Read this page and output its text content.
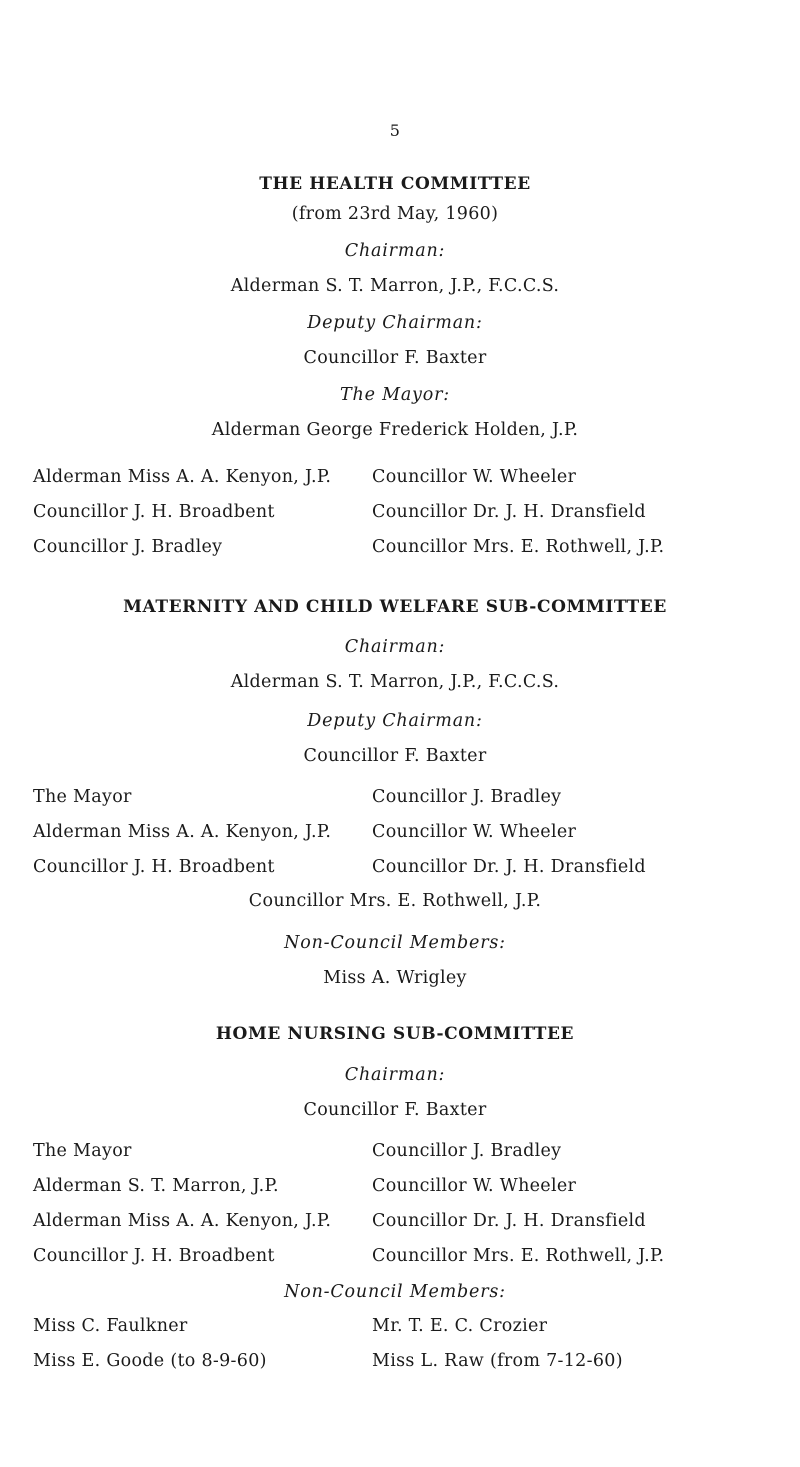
5
THE HEALTH COMMITTEE
(from 23rd May, 1960)
Chairman:
Alderman S. T. Marron, J.P., F.C.C.S.
Deputy Chairman:
Councillor F. Baxter
The Mayor:
Alderman George Frederick Holden, J.P.
Alderman Miss A. A. Kenyon, J.P.
Councillor J. H. Broadbent
Councillor J. Bradley
Councillor W. Wheeler
Councillor Dr. J. H. Dransfield
Councillor Mrs. E. Rothwell, J.P.
MATERNITY AND CHILD WELFARE SUB-COMMITTEE
Chairman:
Alderman S. T. Marron, J.P., F.C.C.S.
Deputy Chairman:
Councillor F. Baxter
The Mayor
Alderman Miss A. A. Kenyon, J.P.
Councillor J. H. Broadbent
Councillor J. Bradley
Councillor W. Wheeler
Councillor Dr. J. H. Dransfield
Councillor Mrs. E. Rothwell, J.P.
Non-Council Members:
Miss A. Wrigley
HOME NURSING SUB-COMMITTEE
Chairman:
Councillor F. Baxter
The Mayor
Alderman S. T. Marron, J.P.
Alderman Miss A. A. Kenyon, J.P.
Councillor J. H. Broadbent
Councillor J. Bradley
Councillor W. Wheeler
Councillor Dr. J. H. Dransfield
Councillor Mrs. E. Rothwell, J.P.
Non-Council Members:
Miss C. Faulkner
Miss E. Goode (to 8-9-60)
Mr. T. E. C. Crozier
Miss L. Raw (from 7-12-60)
